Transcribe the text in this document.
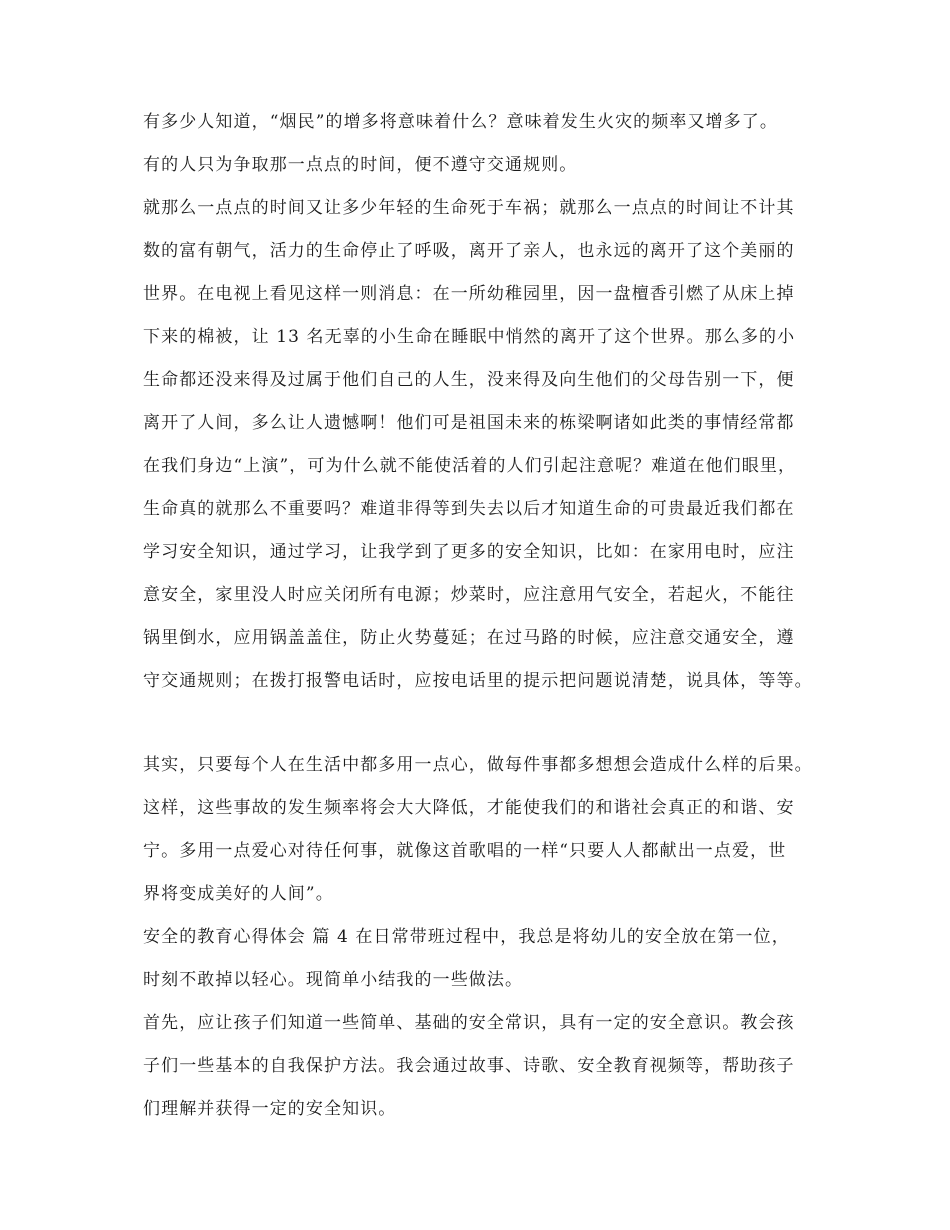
有多少人知道，“烟民”的增多将意味着什么？意味着发生火灾的频率又增多了。
有的人只为争取那一点点的时间，便不遵守交通规则。
就那么一点点的时间又让多少年轻的生命死于车祸；就那么一点点的时间让不计其
数的富有朝气，活力的生命停止了呼吸，离开了亲人，也永远的离开了这个美丽的
世界。在电视上看见这样一则消息：在一所幼稚园里，因一盘檀香引燃了从床上掉
下来的棉被，让 13 名无辜的小生命在睡眠中悄然的离开了这个世界。那么多的小
生命都还没来得及过属于他们自己的人生，没来得及向生他们的父母告别一下，便
离开了人间，多么让人遗憾啊！他们可是祖国未来的栋梁啊诸如此类的事情经常都
在我们身边“上演”，可为什么就不能使活着的人们引起注意呢？难道在他们眼里，
生命真的就那么不重要吗？难道非得等到失去以后才知道生命的可贵最近我们都在
学习安全知识，通过学习，让我学到了更多的安全知识，比如：在家用电时，应注
意安全，家里没人时应关闭所有电源；炒菜时，应注意用气安全，若起火，不能往
锅里倒水，应用锅盖盖住，防止火势蔓延；在过马路的时候，应注意交通安全，遵
守交通规则；在拨打报警电话时，应按电话里的提示把问题说清楚，说具体，等等。
其实，只要每个人在生活中都多用一点心，做每件事都多想想会造成什么样的后果。
这样，这些事故的发生频率将会大大降低，才能使我们的和谐社会真正的和谐、安
宁。多用一点爱心对待任何事，就像这首歌唱的一样“只要人人都献出一点爱，世
界将变成美好的人间”。
安全的教育心得体会 篇 4 在日常带班过程中，我总是将幼儿的安全放在第一位，
时刻不敢掉以轻心。现简单小结我的一些做法。
首先，应让孩子们知道一些简单、基础的安全常识，具有一定的安全意识。教会孩
子们一些基本的自我保护方法。我会通过故事、诗歌、安全教育视频等，帮助孩子
们理解并获得一定的安全知识。
